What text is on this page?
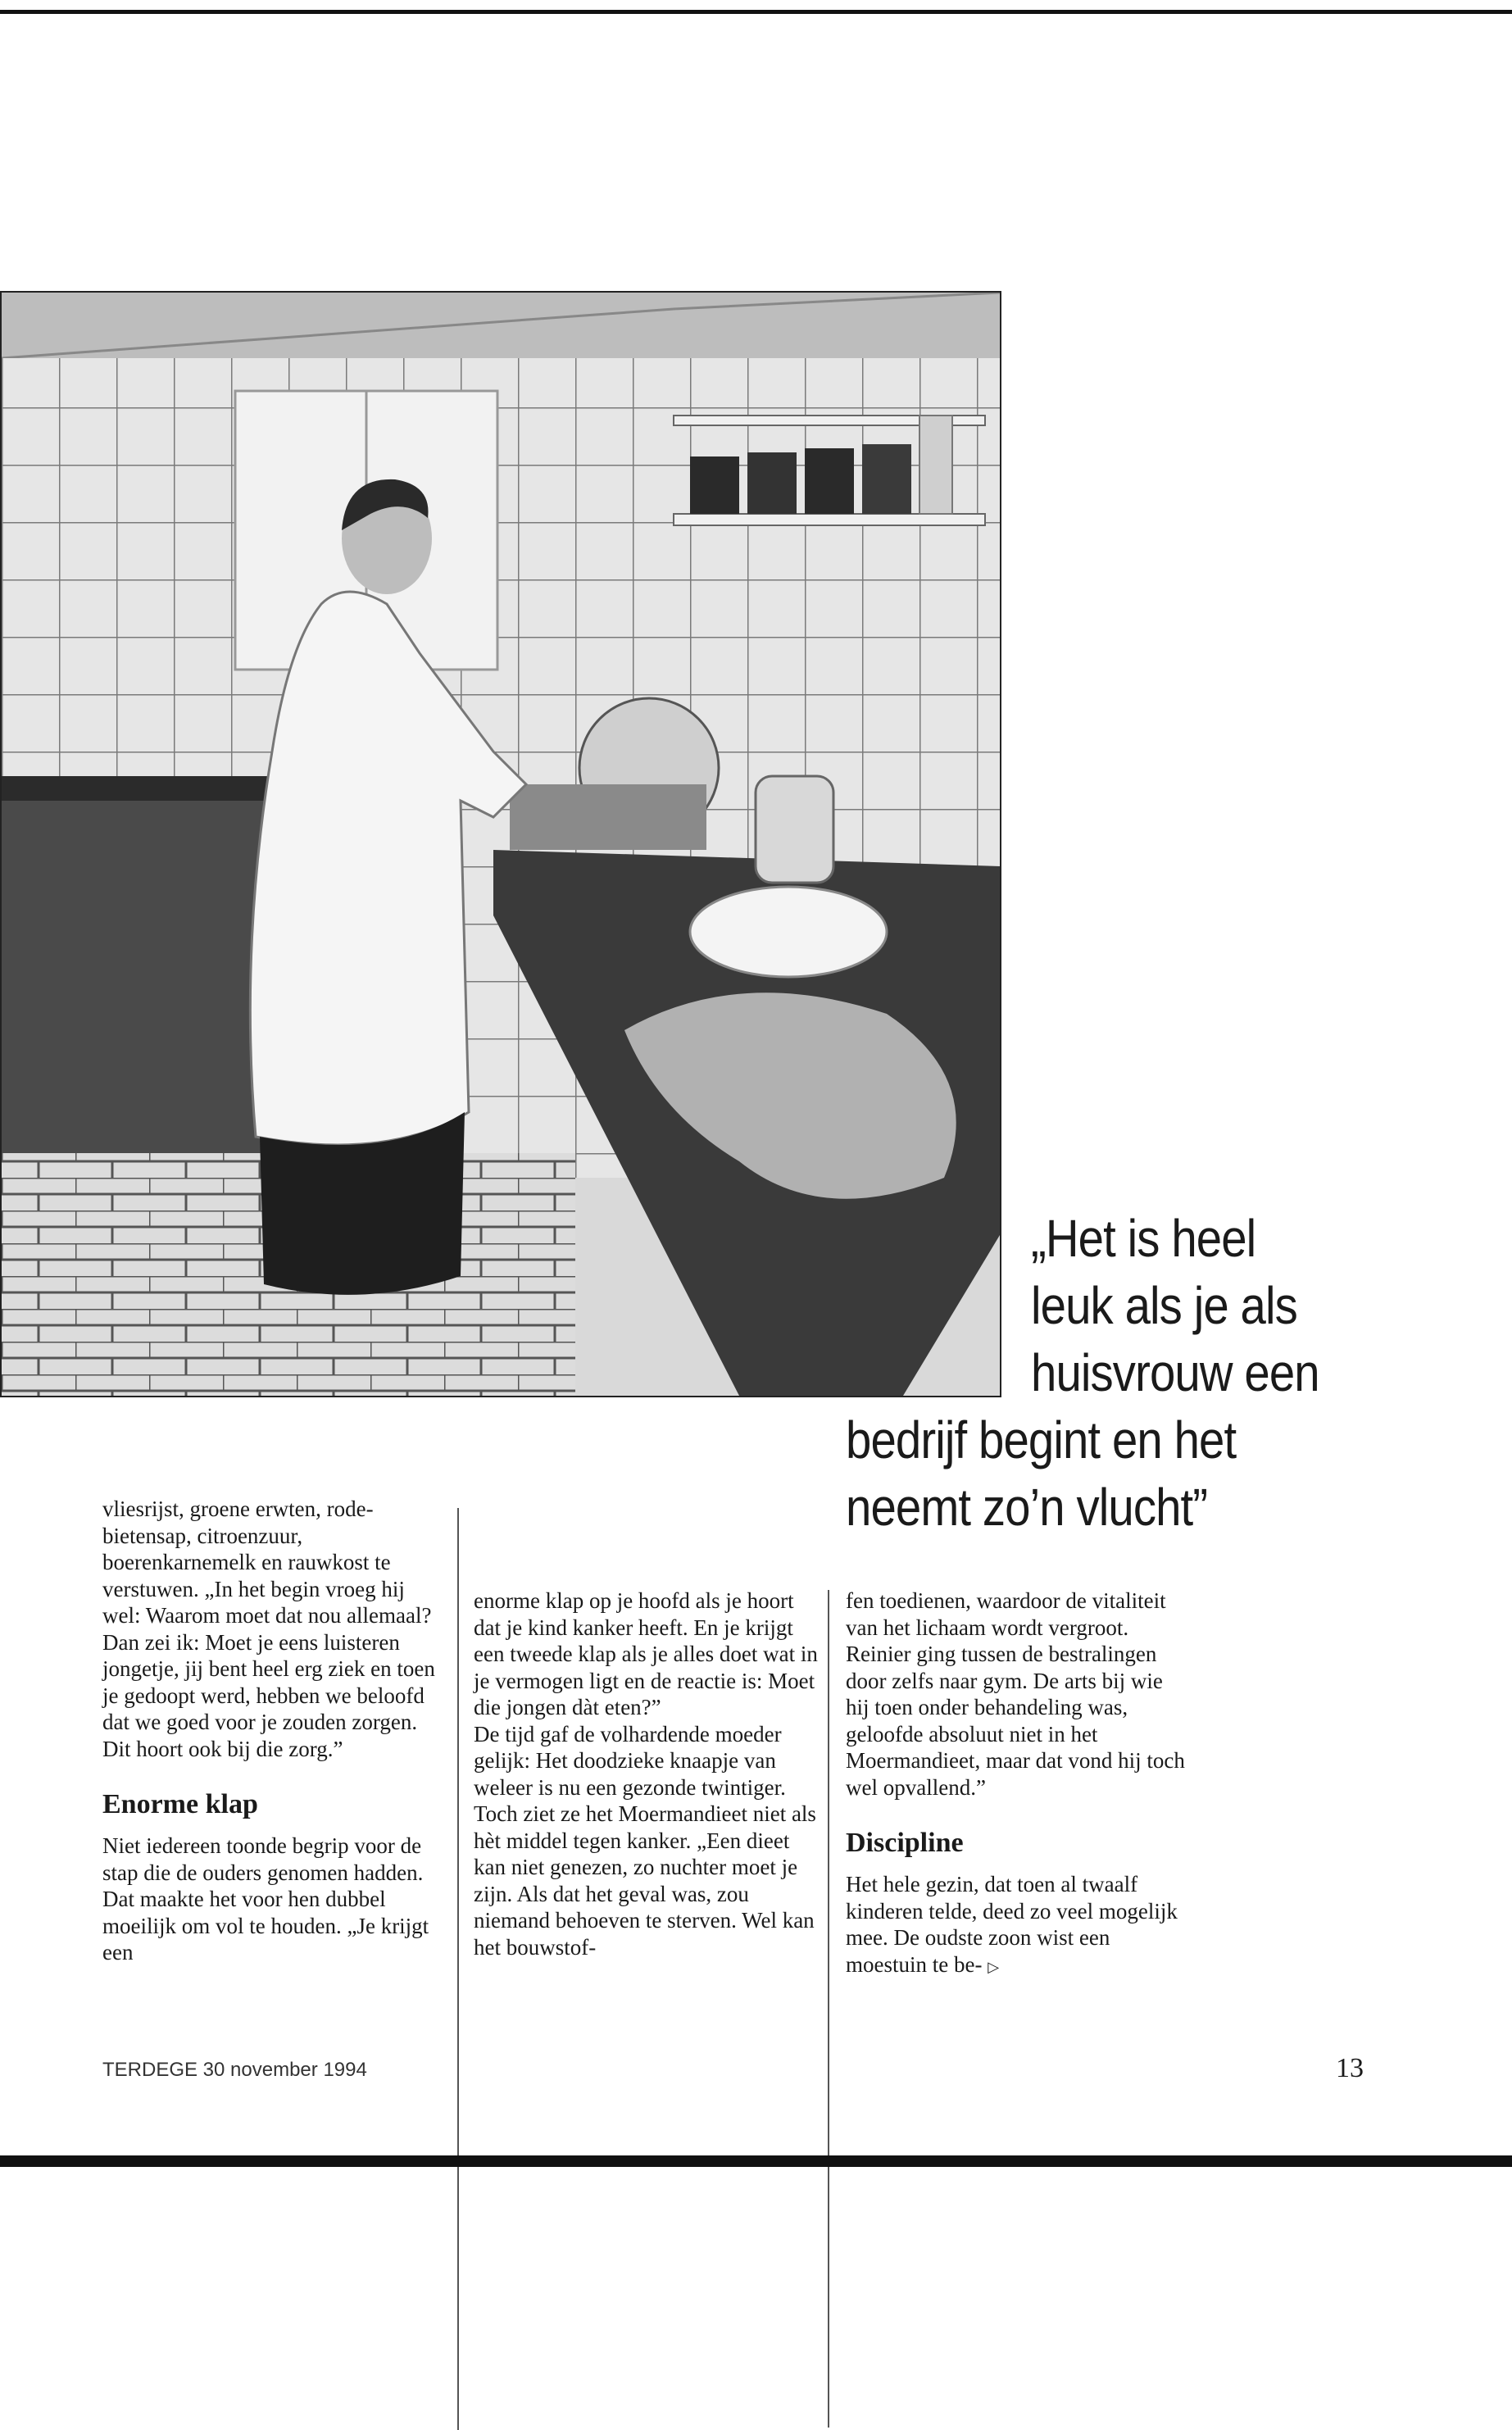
„Het is heel
leuk als je als
huisvrouw een
bedrijf begint en het
neemt zo’n vlucht”

vliesrijst, groene erwten, rode-bietensap, citroenzuur, boerenkarnemelk en rauwkost te verstuwen. „In het begin vroeg hij wel: Waarom moet dat nou allemaal? Dan zei ik: Moet je eens luisteren jongetje, jij bent heel erg ziek en toen je gedoopt werd, hebben we beloofd dat we goed voor je zouden zorgen. Dit hoort ook bij die zorg.”

Enorme klap

Niet iedereen toonde begrip voor de stap die de ouders genomen hadden. Dat maakte het voor hen dubbel moeilijk om vol te houden. „Je krijgt een

enorme klap op je hoofd als je hoort dat je kind kanker heeft. En je krijgt een tweede klap als je alles doet wat in je vermogen ligt en de reactie is: Moet die jongen dàt eten?”

De tijd gaf de volhardende moeder gelijk: Het doodzieke knaapje van weleer is nu een gezonde twintiger. Toch ziet ze het Moermandieet niet als hèt middel tegen kanker. „Een dieet kan niet genezen, zo nuchter moet je zijn. Als dat het geval was, zou niemand behoeven te sterven. Wel kan het bouwstof-

fen toedienen, waardoor de vitaliteit van het lichaam wordt vergroot. Reinier ging tussen de bestralingen door zelfs naar gym. De arts bij wie hij toen onder behandeling was, geloofde absoluut niet in het Moermandieet, maar dat vond hij toch wel opvallend.”

Discipline

Het hele gezin, dat toen al twaalf kinderen telde, deed zo veel mogelijk mee. De oudste zoon wist een moestuin te be- ▷

TERDEGE 30 november 1994	13
